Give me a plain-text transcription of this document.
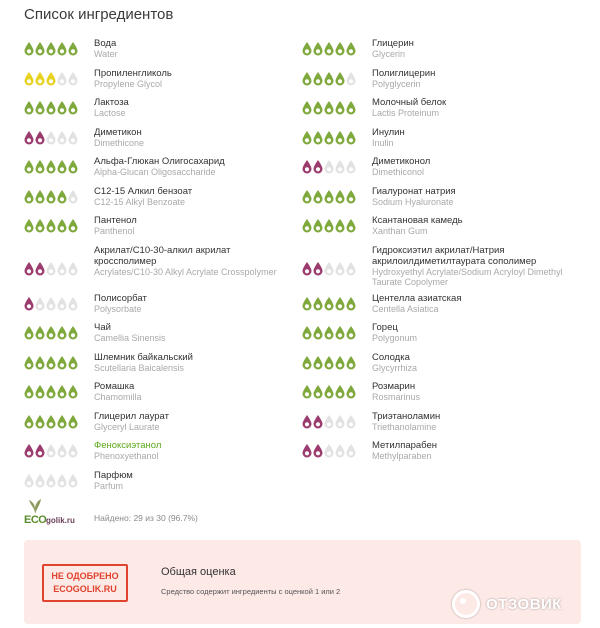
Список ингредиентов
Вода
Water
Пропиленгликоль
Propylene Glycol
Лактоза
Lactose
Диметикон
Dimethicone
Альфа-Глюкан Олигосахарид
Alpha-Glucan Oligosaccharide
C12-15 Алкил бензоат
C12-15 Alkyl Benzoate
Пантенол
Panthenol
Акрилат/C10-30-алкил акрилат кроссполимер
Acrylates/C10-30 Alkyl Acrylate Crosspolymer
Полисорбат
Polysorbate
Чай
Camellia Sinensis
Шлемник байкальский
Scutellaria Baicalensis
Ромашка
Chamomilla
Глицерил лаурат
Glyceryl Laurate
Феноксиэтанол
Phenoxyethanol
Парфюм
Parfum
Глицерин
Glycerin
Полиглицерин
Polyglycerin
Молочный белок
Lactis Proteinum
Инулин
Inulin
Диметиконол
Dimethiconol
Гиалуронат натрия
Sodium Hyaluronate
Ксантановая камедь
Xanthan Gum
Гидроксиэтил акрилат/Натрия акрилоилдиметилтаурата сополимер
Hydroxyethyl Acrylate/Sodium Acryloyl Dimethyl Taurate Copolymer
Центелла азиатская
Centella Asiatica
Горец
Polygonum
Солодка
Glycyrrhiza
Розмарин
Rosmarinus
Триэтаноламин
Triethanolamine
Метилпарабен
Methylparaben
ECO golik.ru Найдено: 29 из 30 (96.7%)
НЕ ОДОБРЕНО
ECOGOLIK.RU
Общая оценка
Средство содержит ингредиенты с оценкой 1 или 2
ОТЗОВИК
